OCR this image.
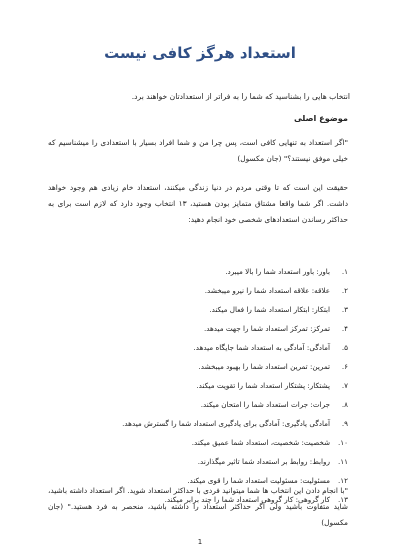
استعداد هرگز کافی نیست

انتخاب هایی را بشناسید که شما را به فراتر از استعدادتان خواهند برد.

موضوع اصلی

"اگر استعداد به تنهایی کافی است، پس چرا من و شما افراد بسیار با استعدادی را میشناسیم که خیلی موفق نیستند؟" (جان مکسول)

حقیقت این است که تا وقتی مردم در دنیا زندگی میکنند، استعداد خام زیادی هم وجود خواهد داشت. اگر شما واقعا مشتاق متمایز بودن هستید، ۱۳ انتخاب وجود دارد که لازم است برای به حداکثر رساندن استعدادهای شخصی خود انجام دهید:

۱.
باور: باور استعداد شما را بالا میبرد.
۲.
علاقه: علاقه استعداد شما را نیرو میبخشد.
۳.
ابتکار: ابتکار استعداد شما را فعال میکند.
۴.
تمرکز: تمرکز استعداد شما را جهت میدهد.
۵.
آمادگی: آمادگی به استعداد شما جایگاه میدهد.
۶.
تمرین: تمرین استعداد شما را بهبود میبخشد.
۷.
پشتکار: پشتکار استعداد شما را تقویت میکند.
۸.
جرات: جرات استعداد شما را امتحان میکند.
۹.
آمادگی یادگیری: آمادگی برای یادگیری استعداد شما را گسترش میدهد.
۱۰.
شخصیت: شخصیت، استعداد شما عمیق میکند.
۱۱.
روابط: روابط بر استعداد شما تاثیر میگذارند.
۱۲.
مسئولیت: مسئولیت استعداد شما را قوی میکند.
۱۳.
کار گروهی: کار گروهی استعداد شما را چند برابر میکند.

"با انجام دادن این انتخاب ها شما میتوانید فردی با حداکثر استعداد شوید. اگر استعداد داشته باشید، شاید متفاوت باشید ولی اگر حداکثر استعداد را داشته باشید، منحصر به فرد هستید." (جان مکسول)

1
